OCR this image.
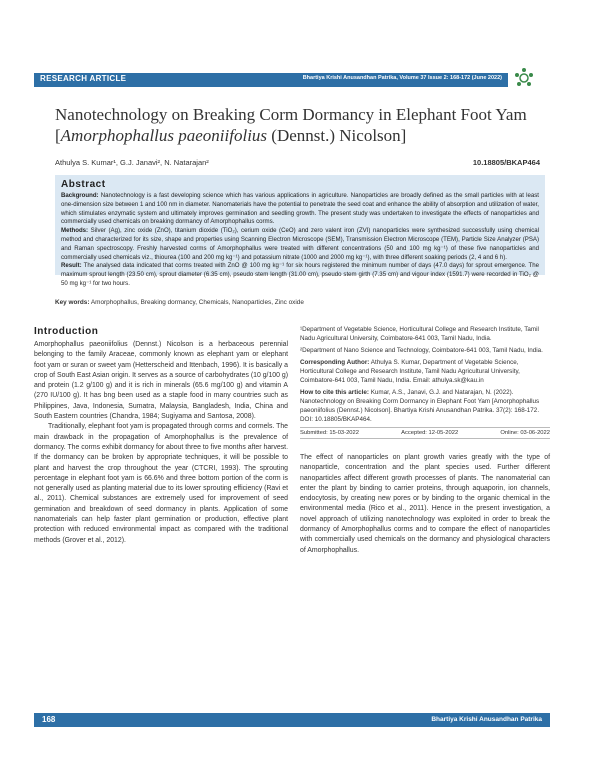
RESEARCH ARTICLE	Bhartiya Krishi Anusandhan Patrika, Volume 37 Issue 2: 168-172 (June 2022)
Nanotechnology on Breaking Corm Dormancy in Elephant Foot Yam [Amorphophallus paeoniifolius (Dennst.) Nicolson]
Athulya S. Kumar¹, G.J. Janavi², N. Natarajan²	10.18805/BKAP464
Abstract

Background: Nanotechnology is a fast developing science which has various applications in agriculture. Nanoparticles are broadly defined as the small particles with at least one-dimension size between 1 and 100 nm in diameter. Nanomaterials have the potential to penetrate the seed coat and enhance the ability of absorption and utilization of water, which stimulates enzymatic system and ultimately improves germination and seedling growth. The present study was undertaken to investigate the effects of nanoparticles and commercially used chemicals on breaking dormancy of Amorphophallus corms.
Methods: Silver (Ag), zinc oxide (ZnO), titanium dioxide (TiO₂), cerium oxide (CeO) and zero valent iron (ZVI) nanoparticles were synthesized successfully using chemical method and characterized for its size, shape and properties using Scanning Electron Microscope (SEM), Transmission Electron Microscope (TEM), Particle Size Analyzer (PSA) and Raman spectroscopy. Freshly harvested corms of Amorphophallus were treated with different concentrations (50 and 100 mg kg⁻¹) of these five nanoparticles and commercially used chemicals viz., thiourea (100 and 200 mg kg⁻¹) and potassium nitrate (1000 and 2000 mg kg⁻¹), with three different soaking periods (2, 4 and 6 h).
Result: The analysed data indicated that corms treated with ZnO @ 100 mg kg⁻¹ for six hours registered the minimum number of days (47.0 days) for sprout emergence. The maximum sprout length (23.50 cm), sprout diameter (6.35 cm), pseudo stem length (31.00 cm), pseudo stem girth (7.35 cm) and vigour index (1591.7) were recorded in TiO₂ @ 50 mg kg⁻¹ for two hours.

Key words: Amorphophallus, Breaking dormancy, Chemicals, Nanoparticles, Zinc oxide
Introduction

Amorphophallus paeoniifolius (Dennst.) Nicolson is a herbaceous perennial belonging to the family Araceae, commonly known as elephant yam or elephant foot yam or suran or sweet yam (Hetterscheid and Ittenbach, 1996). It is basically a crop of South East Asian origin. It serves as a source of carbohydrates (10 g/100 g) and protein (1.2 g/100 g) and it is rich in minerals (65.6 mg/100 g) and vitamin A (270 IU/100 g). It has bng been used as a staple food in many countries such as Philippines, Java, Indonesia, Sumatra, Malaysia, Bangladesh, India, China and South Eastern countries (Chandra, 1984; Sugiyama and Santosa, 2008).

Traditionally, elephant foot yam is propagated through corms and cormels. The main drawback in the propagation of Amorphophallus is the prevalence of dormancy. The corms exhibit dormancy for about three to five months after harvest. If the dormancy can be broken by appropriate techniques, it will be possible to plant and harvest the crop throughout the year (CTCRI, 1993). The sprouting percentage in elephant foot yam is 66.6% and three bottom portion of the corm is not generally used as planting material due to its lower sprouting efficiency (Ravi et al., 2011). Chemical substances are extremely used for improvement of seed germination and breakdown of seed dormancy in plants. Application of some nanomaterials can help faster plant germination or production, effective plant protection with reduced environmental impact as compared with the traditional methods (Grover et al., 2012).

¹Department of Vegetable Science, Horticultural College and Research Institute, Tamil Nadu Agricultural University, Coimbatore-641 003, Tamil Nadu, India.

²Department of Nano Science and Technology, Coimbatore-641 003, Tamil Nadu, India.

Corresponding Author: Athulya S. Kumar, Department of Vegetable Science, Horticultural College and Research Institute, Tamil Nadu Agricultural University, Coimbatore-641 003, Tamil Nadu, India. Email: athulya.sk@kau.in

How to cite this article: Kumar, A.S., Janavi, G.J. and Natarajan, N. (2022). Nanotechnology on Breaking Corm Dormancy in Elephant Foot Yam [Amorphophallus paeoniifolius (Dennst.) Nicolson]. Bhartiya Krishi Anusandhan Patrika. 37(2): 168-172. DOI: 10.18805/BKAP464.

Submitted: 15-03-2022	Accepted: 12-05-2022	Online: 03-06-2022
The effect of nanoparticles on plant growth varies greatly with the type of nanoparticle, concentration and the plant species used. Further different nanoparticles affect different growth processes of plants. The nanomaterial can enter the plant by binding to carrier proteins, through aquaporin, ion channels, endocytosis, by creating new pores or by binding to the organic chemical in the environmental media (Rico et al., 2011). Hence in the present investigation, a novel approach of utilizing nanotechnology was exploited in order to break the dormancy of Amorphophallus corms and to compare the effect of nanoparticles with commercially used chemicals on the dormancy and physiological characters of Amorphophallus.
168	Bhartiya Krishi Anusandhan Patrika
